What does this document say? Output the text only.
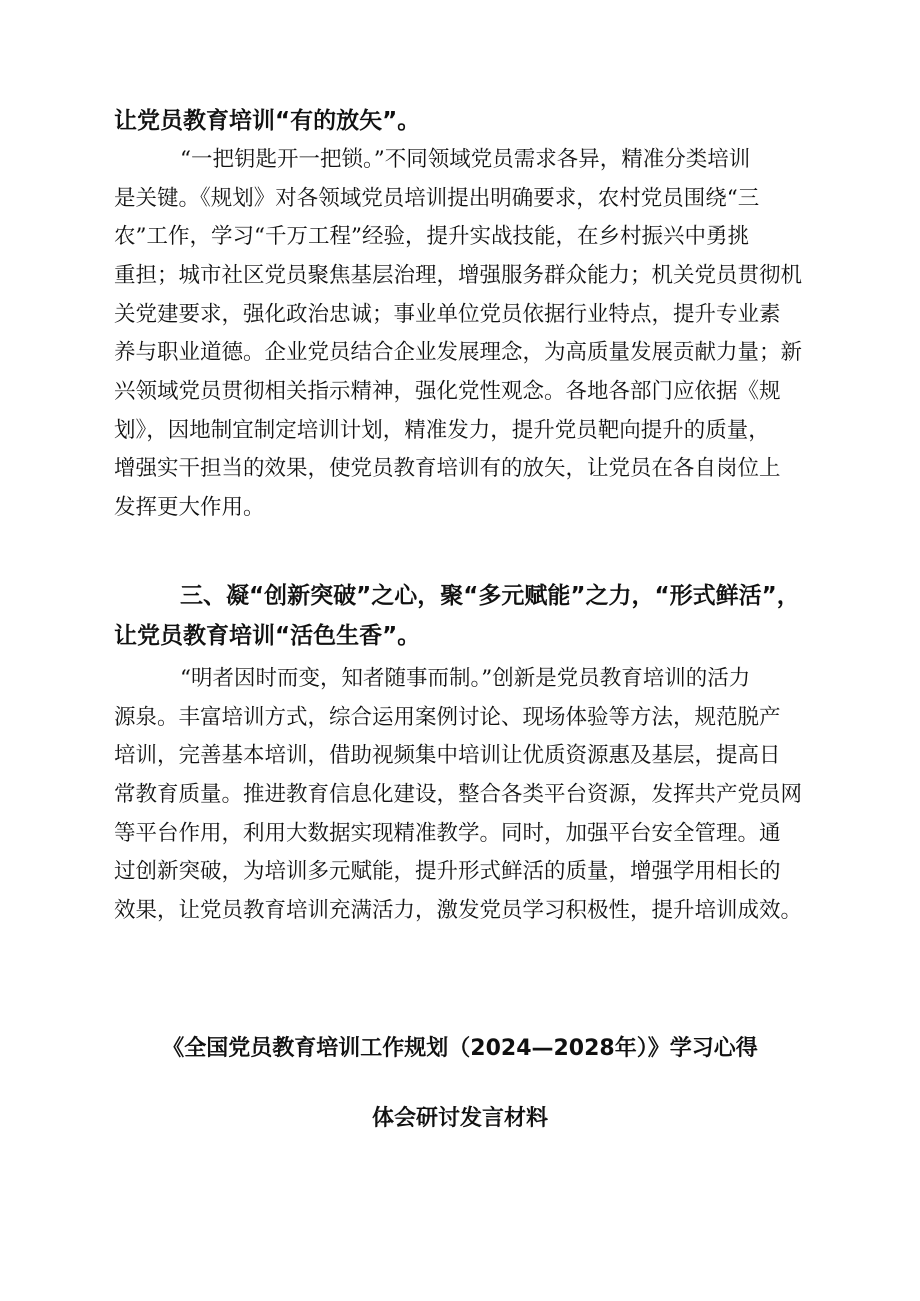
让党员教育培训“有的放矢”。
“一把钥匙开一把锁。”不同领域党员需求各异，精准分类培训
是关键。《规划》对各领域党员培训提出明确要求，农村党员围绕“三
农”工作，学习“千万工程”经验，提升实战技能，在乡村振兴中勇挑
重担；城市社区党员聚焦基层治理，增强服务群众能力；机关党员贯彻机
关党建要求，强化政治忠诚；事业单位党员依据行业特点，提升专业素
养与职业道德。企业党员结合企业发展理念，为高质量发展贡献力量；新
兴领域党员贯彻相关指示精神，强化党性观念。各地各部门应依据《规
划》，因地制宜制定培训计划，精准发力，提升党员靶向提升的质量，
增强实干担当的效果，使党员教育培训有的放矢，让党员在各自岗位上
发挥更大作用。
三、凝“创新突破”之心，聚“多元赋能”之力，“形式鲜活”，
让党员教育培训“活色生香”。
“明者因时而变，知者随事而制。”创新是党员教育培训的活力
源泉。丰富培训方式，综合运用案例讨论、现场体验等方法，规范脱产
培训，完善基本培训，借助视频集中培训让优质资源惠及基层，提高日
常教育质量。推进教育信息化建设，整合各类平台资源，发挥共产党员网
等平台作用，利用大数据实现精准教学。同时，加强平台安全管理。通
过创新突破，为培训多元赋能，提升形式鲜活的质量，增强学用相长的
效果，让党员教育培训充满活力，激发党员学习积极性，提升培训成效。
《全国党员教育培训工作规划（2024—2028年）》学习心得
体会研讨发言材料
